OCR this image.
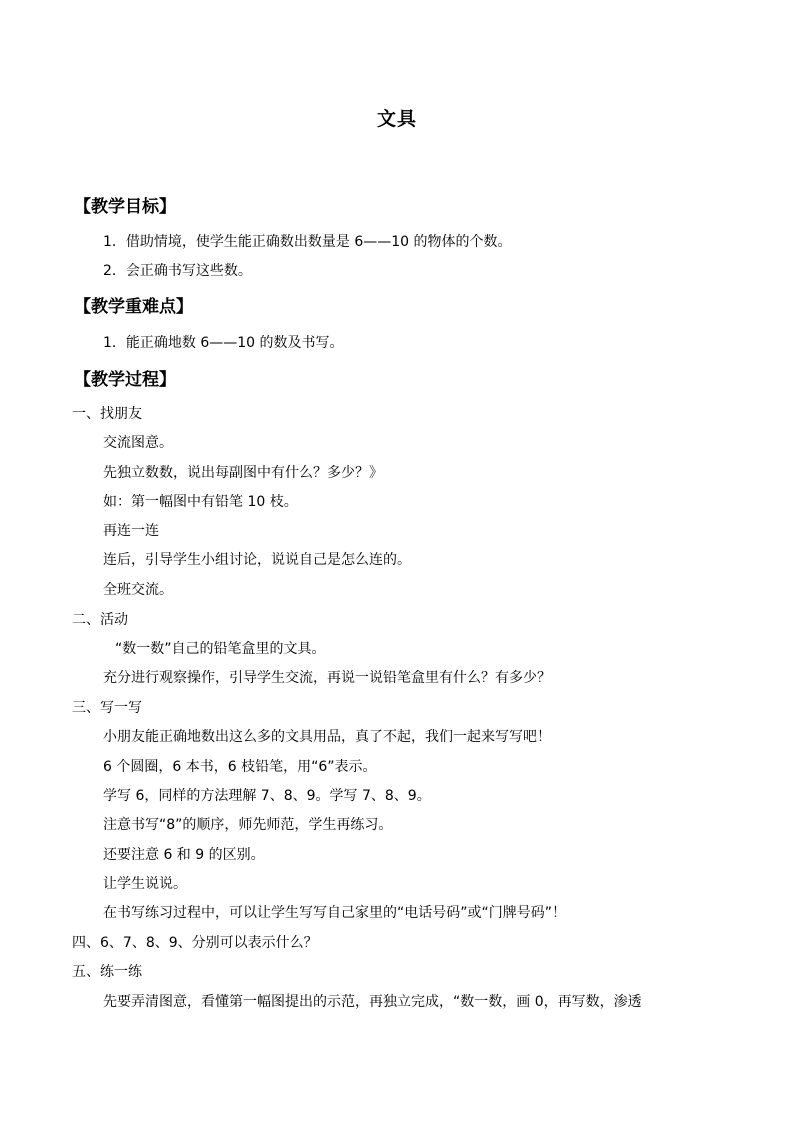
文具
【教学目标】
1．借助情境，使学生能正确数出数量是 6——10 的物体的个数。
2．会正确书写这些数。
【教学重难点】
1．能正确地数 6——10 的数及书写。
【教学过程】
一、找朋友
交流图意。
先独立数数，说出每副图中有什么？多少？》
如：第一幅图中有铅笔 10 枝。
再连一连
连后，引导学生小组讨论，说说自己是怎么连的。
全班交流。
二、活动
“数一数”自己的铅笔盒里的文具。
充分进行观察操作，引导学生交流，再说一说铅笔盒里有什么？有多少？
三、写一写
小朋友能正确地数出这么多的文具用品，真了不起，我们一起来写写吧！
6 个圆圈，6 本书，6 枝铅笔，用“6”表示。
学写 6，同样的方法理解 7、8、9。学写 7、8、9。
注意书写“8”的顺序，师先师范，学生再练习。
还要注意 6 和 9 的区别。
让学生说说。
在书写练习过程中，可以让学生写写自己家里的“电话号码”或“门牌号码”！
四、6、7、8、9、分别可以表示什么？
五、练一练
先要弄清图意，看懂第一幅图提出的示范，再独立完成，“数一数，画 0，再写数，渗透
